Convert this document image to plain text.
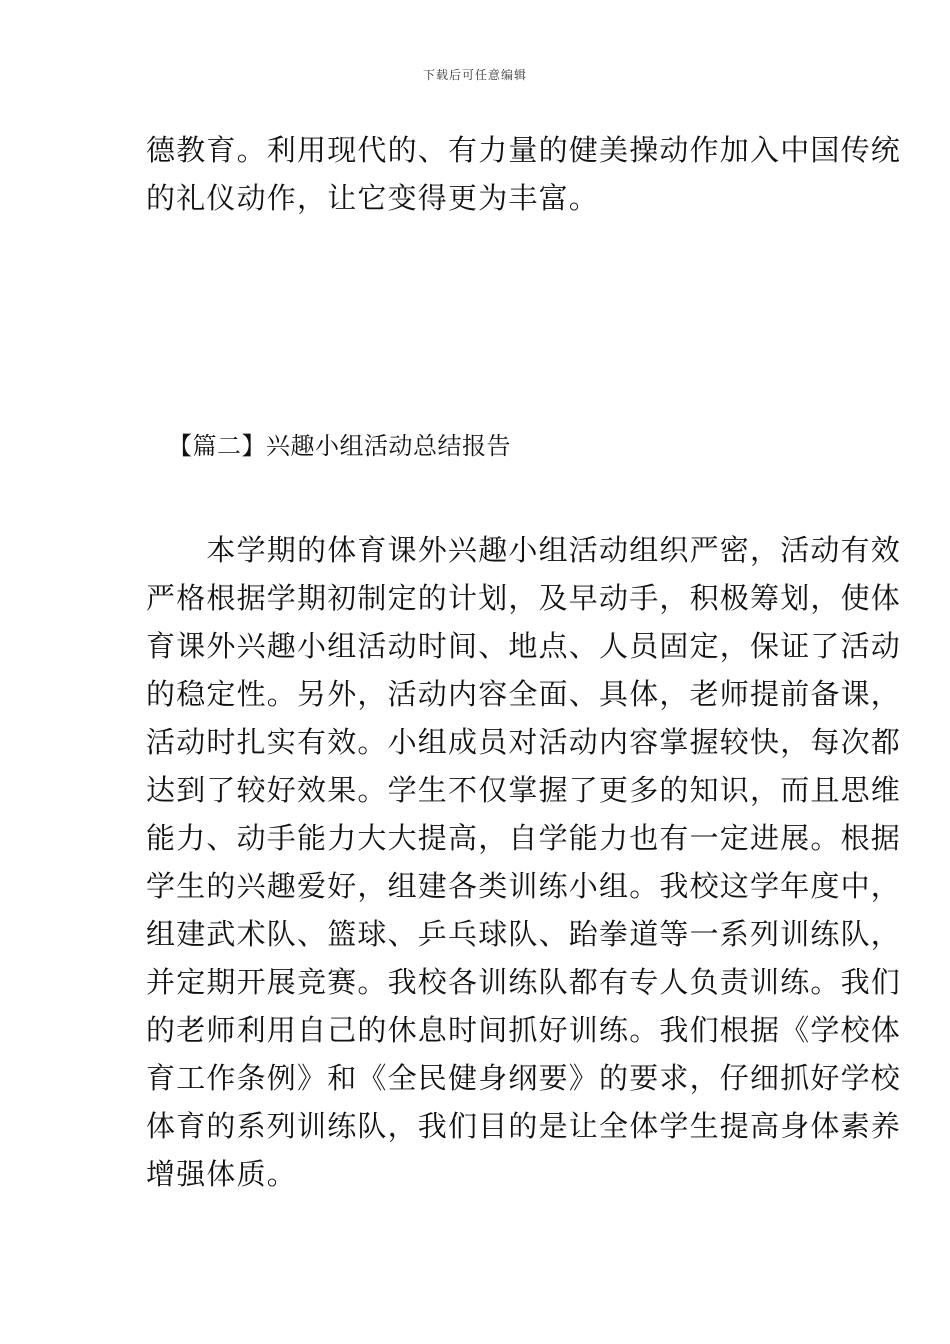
下载后可任意编辑
德教育。利用现代的、有力量的健美操动作加入中国传统
的礼仪动作，让它变得更为丰富。
【篇二】兴趣小组活动总结报告
　　本学期的体育课外兴趣小组活动组织严密，活动有效
严格根据学期初制定的计划，及早动手，积极筹划，使体
育课外兴趣小组活动时间、地点、人员固定，保证了活动
的稳定性。另外，活动内容全面、具体，老师提前备课，
活动时扎实有效。小组成员对活动内容掌握较快，每次都
达到了较好效果。学生不仅掌握了更多的知识，而且思维
能力、动手能力大大提高，自学能力也有一定进展。根据
学生的兴趣爱好，组建各类训练小组。我校这学年度中，
组建武术队、篮球、乒乓球队、跆拳道等一系列训练队，
并定期开展竞赛。我校各训练队都有专人负责训练。我们
的老师利用自己的休息时间抓好训练。我们根据《学校体
育工作条例》和《全民健身纲要》的要求，仔细抓好学校
体育的系列训练队，我们目的是让全体学生提高身体素养
增强体质。
